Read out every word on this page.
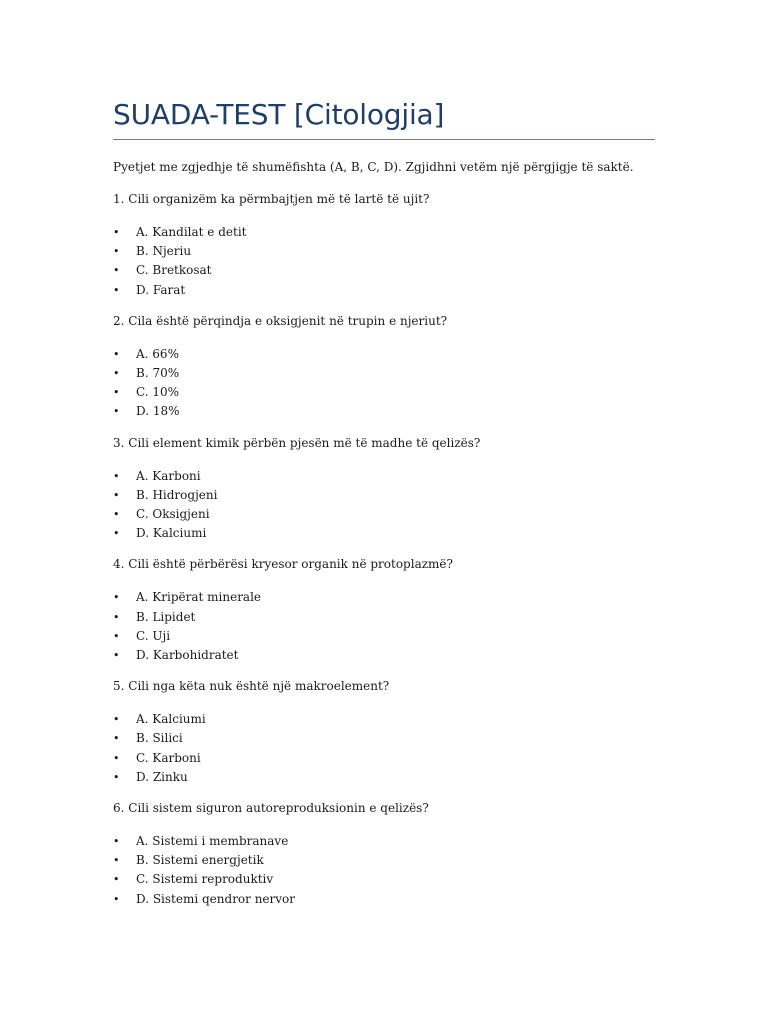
SUADA-TEST [Citologjia]

Pyetjet me zgjedhje të shumëfishta (A, B, C, D). Zgjidhni vetëm një përgjigje të saktë.

1. Cili organizëm ka përmbajtjen më të lartë të ujit?

• A. Kandilat e detit
• B. Njeriu
• C. Bretkosat
• D. Farat

2. Cila është përqindja e oksigjenit në trupin e njeriut?

• A. 66%
• B. 70%
• C. 10%
• D. 18%

3. Cili element kimik përbën pjesën më të madhe të qelizës?

• A. Karboni
• B. Hidrogjeni
• C. Oksigjeni
• D. Kalciumi

4. Cili është përbërësi kryesor organik në protoplazmë?

• A. Kripërat minerale
• B. Lipidet
• C. Uji
• D. Karbohidratet

5. Cili nga këta nuk është një makroelement?

• A. Kalciumi
• B. Silici
• C. Karboni
• D. Zinku

6. Cili sistem siguron autoreproduksionin e qelizës?

• A. Sistemi i membranave
• B. Sistemi energjetik
• C. Sistemi reproduktiv
• D. Sistemi qendror nervor
